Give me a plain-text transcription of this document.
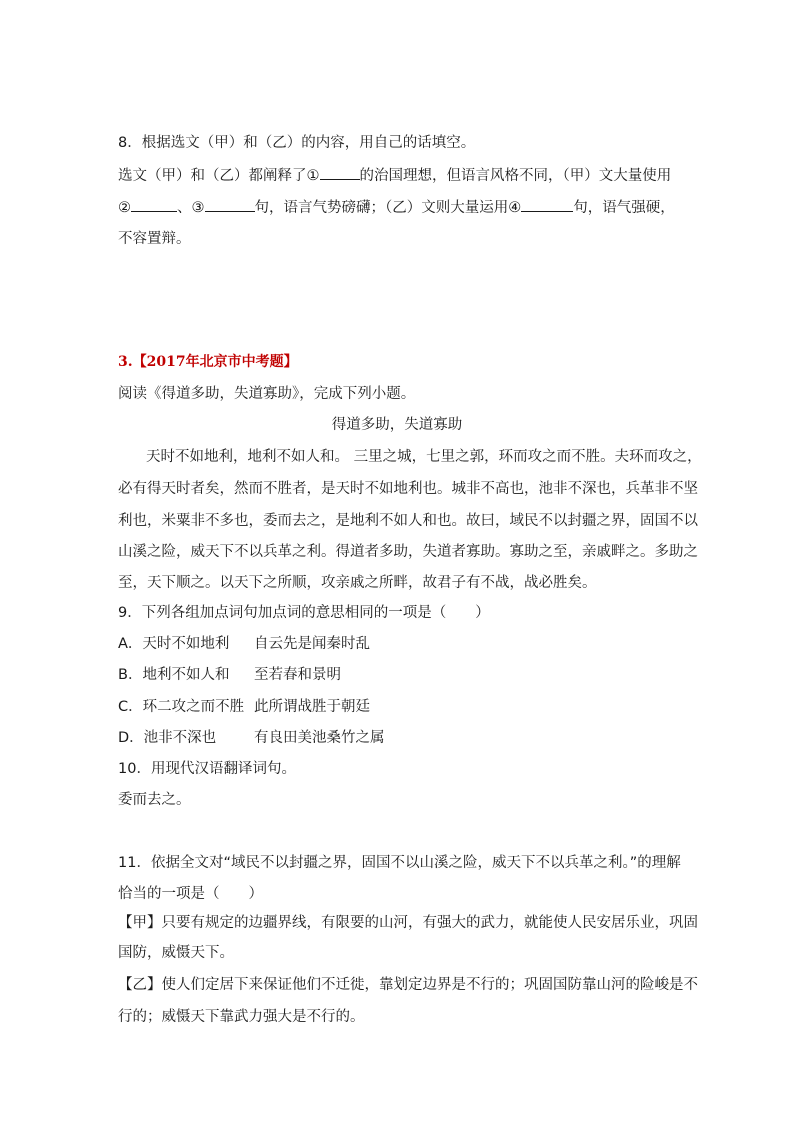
8．根据选文（甲）和（乙）的内容，用自己的话填空。
选文（甲）和（乙）都阐释了①	的治国理想，但语言风格不同，（甲）文大量使用
②	、③	句，语言气势磅礴；（乙）文则大量运用④	句，语气强硬，
不容置辩。
3.【2017年北京市中考题】
阅读《得道多助，失道寡助》，完成下列小题。
得道多助，失道寡助
天时不如地利，地利不如人和。 三里之城，七里之郭，环而攻之而不胜。夫环而攻之，
必有得天时者矣，然而不胜者，是天时不如地利也。城非不高也，池非不深也，兵革非不坚
利也，米粟非不多也，委而去之，是地利不如人和也。故曰，域民不以封疆之界，固国不以
山溪之险，威天下不以兵革之利。得道者多助，失道者寡助。寡助之至，亲戚畔之。多助之
至，天下顺之。以天下之所顺，攻亲戚之所畔，故君子有不战，战必胜矣。
9．下列各组加点词句加点词的意思相同的一项是（　　）
A．天时不如地利 自云先是闻秦时乱
B．地利不如人和 至若春和景明
C．环二攻之而不胜 此所谓战胜于朝廷
D．池非不深也	有良田美池桑竹之属
10．用现代汉语翻译词句。
委而去之。
11．依据全文对“域民不以封疆之界，固国不以山溪之险，威天下不以兵革之利。”的理解
恰当的一项是（　　）
【甲】只要有规定的边疆界线，有限要的山河，有强大的武力，就能使人民安居乐业，巩固
国防，威慑天下。
【乙】使人们定居下来保证他们不迁徙，靠划定边界是不行的；巩固国防靠山河的险峻是不
行的；威慑天下靠武力强大是不行的。
